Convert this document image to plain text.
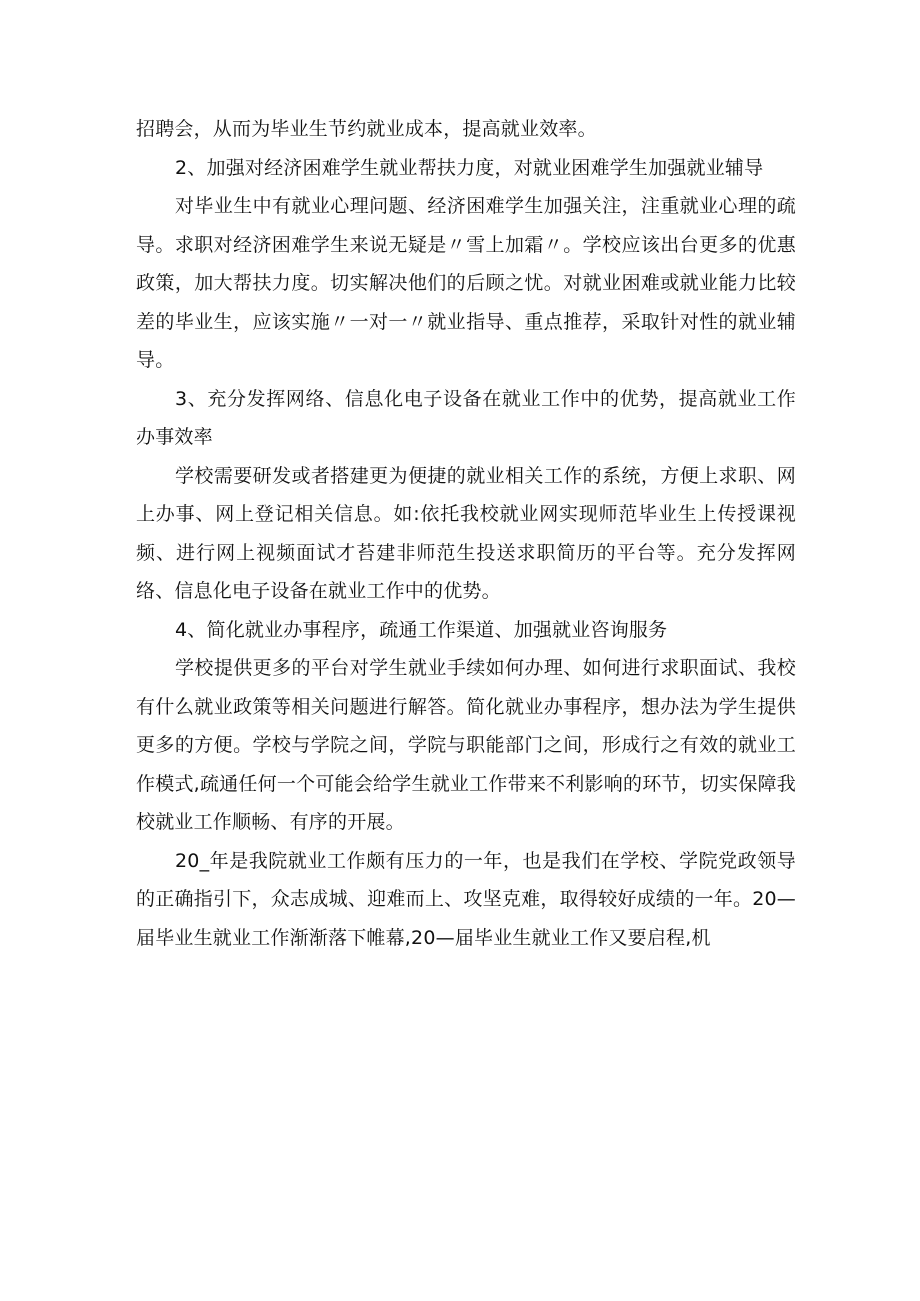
招聘会，从而为毕业生节约就业成本，提高就业效率。

2、加强对经济困难学生就业帮扶力度，对就业困难学生加强就业辅导

对毕业生中有就业心理问题、经济困难学生加强关注，注重就业心理的疏导。求职对经济困难学生来说无疑是〃雪上加霜〃。学校应该出台更多的优惠政策，加大帮扶力度。切实解决他们的后顾之忧。对就业困难或就业能力比较差的毕业生，应该实施〃一对一〃就业指导、重点推荐，采取针对性的就业辅导。

3、充分发挥网络、信息化电子设备在就业工作中的优势，提高就业工作办事效率

学校需要研发或者搭建更为便捷的就业相关工作的系统，方便上求职、网上办事、网上登记相关信息。如:依托我校就业网实现师范毕业生上传授课视频、进行网上视频面试才苔建非师范生投送求职简历的平台等。充分发挥网络、信息化电子设备在就业工作中的优势。

4、简化就业办事程序，疏通工作渠道、加强就业咨询服务

学校提供更多的平台对学生就业手续如何办理、如何进行求职面试、我校有什么就业政策等相关问题进行解答。简化就业办事程序，想办法为学生提供更多的方便。学校与学院之间，学院与职能部门之间，形成行之有效的就业工作模式,疏通任何一个可能会给学生就业工作带来不利影响的环节，切实保障我校就业工作顺畅、有序的开展。

20_年是我院就业工作颇有压力的一年，也是我们在学校、学院党政领导的正确指引下，众志成城、迎难而上、攻坚克难，取得较好成绩的一年。20—届毕业生就业工作渐渐落下帷幕,20—届毕业生就业工作又要启程,机
